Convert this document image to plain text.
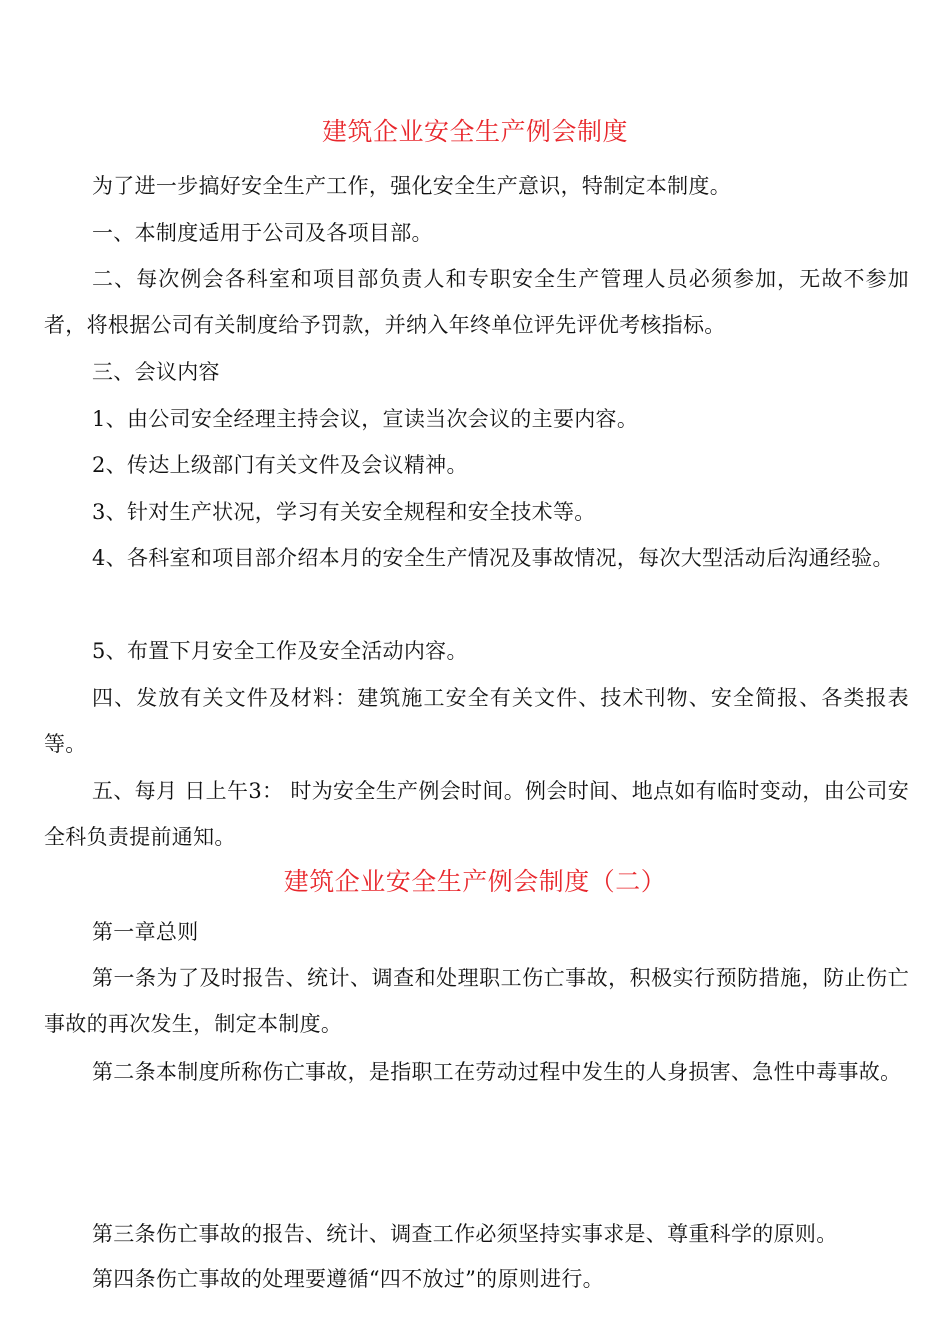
建筑企业安全生产例会制度

为了进一步搞好安全生产工作，强化安全生产意识，特制定本制度。

一、本制度适用于公司及各项目部。

二、每次例会各科室和项目部负责人和专职安全生产管理人员必须参加，无故不参加者，将根据公司有关制度给予罚款，并纳入年终单位评先评优考核指标。

三、会议内容

1、由公司安全经理主持会议，宣读当次会议的主要内容。

2、传达上级部门有关文件及会议精神。

3、针对生产状况，学习有关安全规程和安全技术等。

4、各科室和项目部介绍本月的安全生产情况及事故情况，每次大型活动后沟通经验。

5、布置下月安全工作及安全活动内容。

四、发放有关文件及材料：建筑施工安全有关文件、技术刊物、安全简报、各类报表等。

五、每月 日上午3： 时为安全生产例会时间。例会时间、地点如有临时变动，由公司安全科负责提前通知。

建筑企业安全生产例会制度（二）

第一章总则

第一条为了及时报告、统计、调查和处理职工伤亡事故，积极实行预防措施，防止伤亡事故的再次发生，制定本制度。

第二条本制度所称伤亡事故，是指职工在劳动过程中发生的人身损害、急性中毒事故。

第三条伤亡事故的报告、统计、调查工作必须坚持实事求是、尊重科学的原则。

第四条伤亡事故的处理要遵循“四不放过”的原则进行。
